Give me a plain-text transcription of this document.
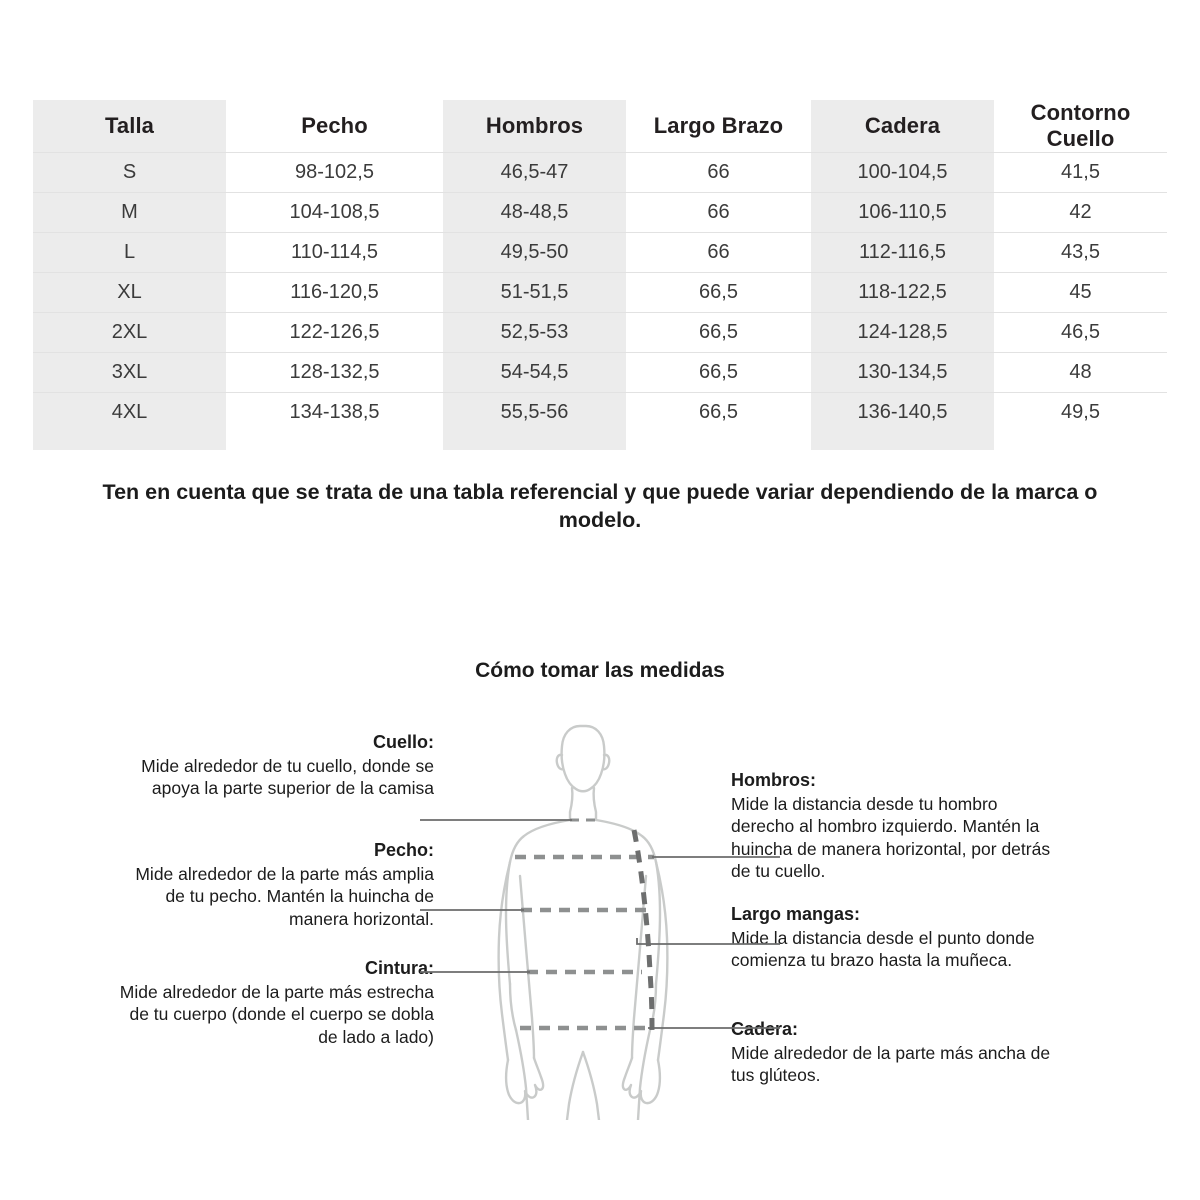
Talla	Pecho	Hombros	Largo Brazo	Cadera	Contorno Cuello
S	98-102,5	46,5-47	66	100-104,5	41,5
M	104-108,5	48-48,5	66	106-110,5	42
L	110-114,5	49,5-50	66	112-116,5	43,5
XL	116-120,5	51-51,5	66,5	118-122,5	45
2XL	122-126,5	52,5-53	66,5	124-128,5	46,5
3XL	128-132,5	54-54,5	66,5	130-134,5	48
4XL	134-138,5	55,5-56	66,5	136-140,5	49,5
Ten en cuenta que se trata de una tabla referencial y que puede variar dependiendo de la marca o modelo.
Cómo tomar las medidas
Cuello:
Mide alrededor de tu cuello, donde se apoya la parte superior de la camisa
Pecho:
Mide alrededor de la parte más amplia de tu pecho. Mantén la huincha de manera horizontal.
Cintura:
Mide alrededor de la parte más estrecha de tu cuerpo (donde el cuerpo se dobla de lado a lado)
Hombros:
Mide la distancia desde tu hombro derecho al hombro izquierdo. Mantén la huincha de manera horizontal, por detrás de tu cuello.
Largo mangas:
Mide la distancia desde el punto donde comienza tu brazo hasta la muñeca.
Cadera:
Mide alrededor de la parte más ancha de tus glúteos.
